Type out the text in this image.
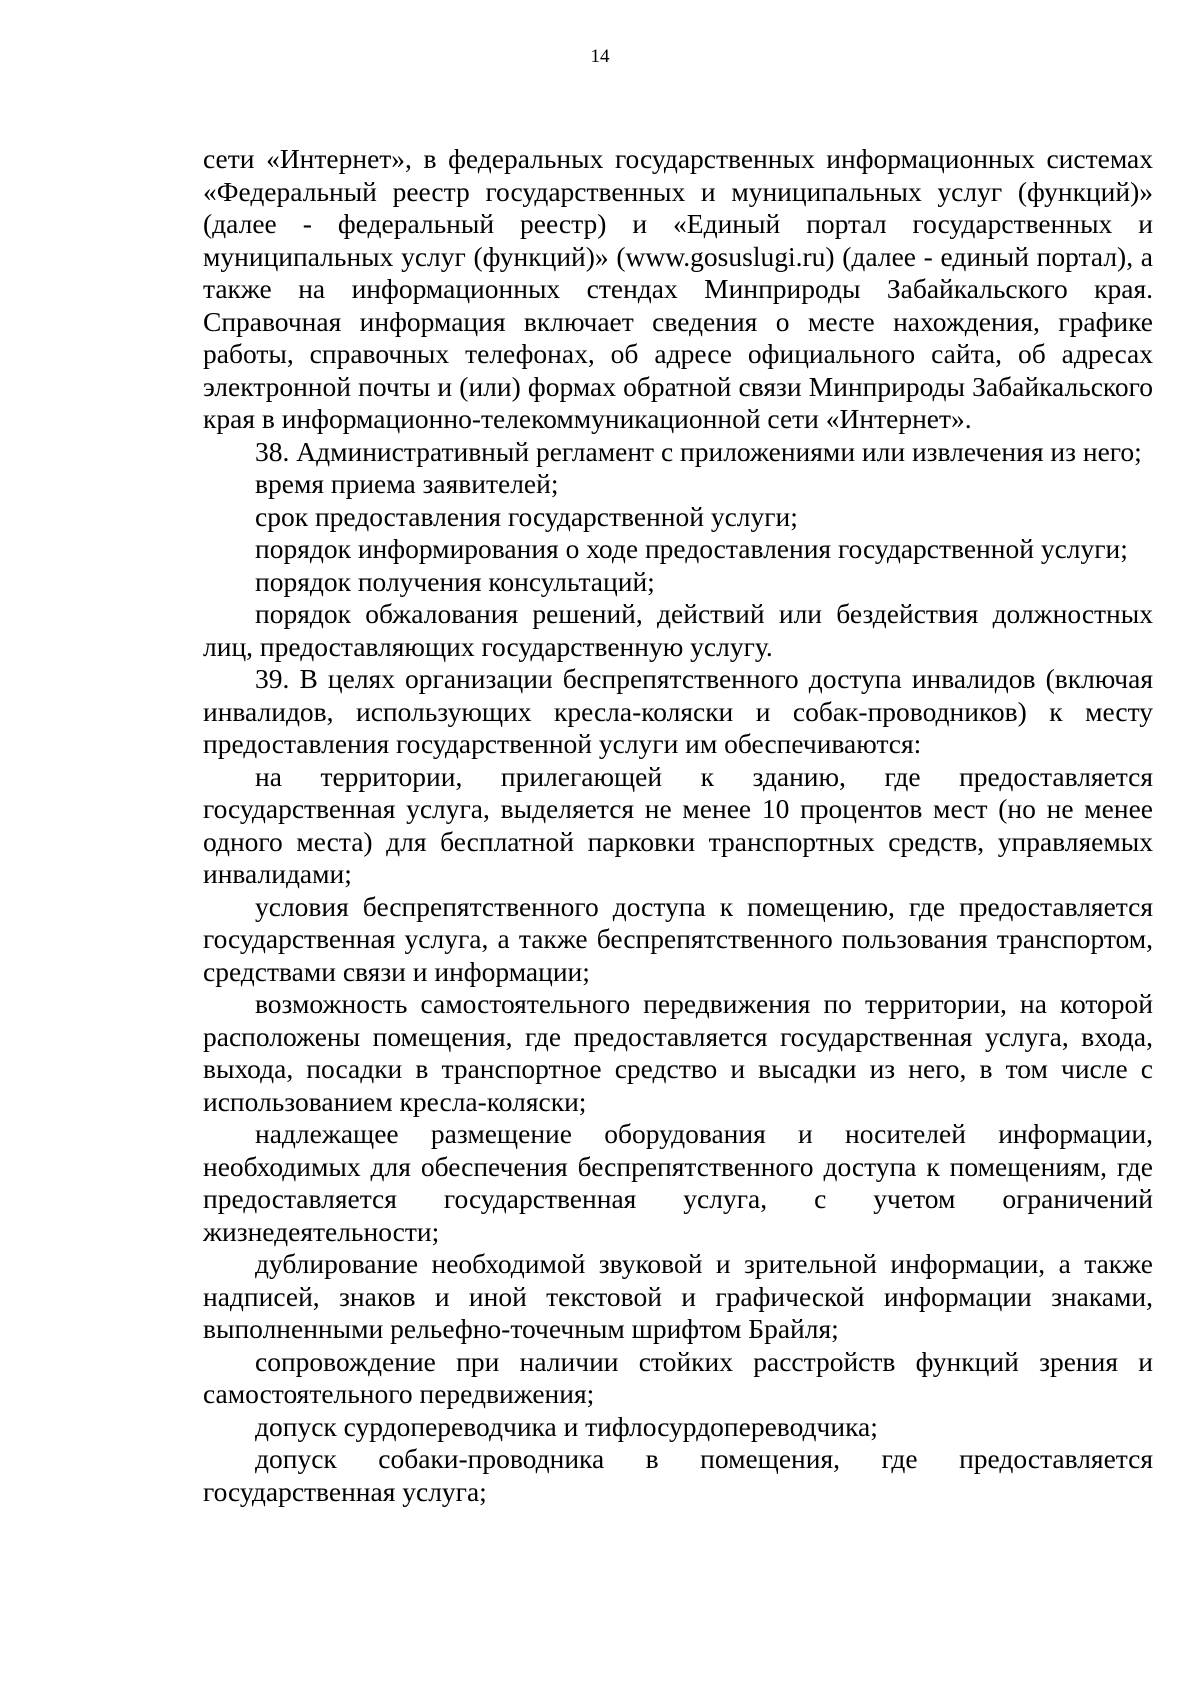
14

сети «Интернет», в федеральных государственных информационных системах «Федеральный реестр государственных и муниципальных услуг (функций)» (далее - федеральный реестр) и «Единый портал государственных и муниципальных услуг (функций)» (www.gosuslugi.ru) (далее - единый портал), а также на информационных стендах Минприроды Забайкальского края. Справочная информация включает сведения о месте нахождения, графике работы, справочных телефонах, об адресе официального сайта, об адресах электронной почты и (или) формах обратной связи Минприроды Забайкальского края в информационно-телекоммуникационной сети «Интернет».

38. Административный регламент с приложениями или извлечения из него;

время приема заявителей;

срок предоставления государственной услуги;

порядок информирования о ходе предоставления государственной услуги;

порядок получения консультаций;

порядок обжалования решений, действий или бездействия должностных лиц, предоставляющих государственную услугу.

39. В целях организации беспрепятственного доступа инвалидов (включая инвалидов, использующих кресла-коляски и собак-проводников) к месту предоставления государственной услуги им обеспечиваются:

на территории, прилегающей к зданию, где предоставляется государственная услуга, выделяется не менее 10 процентов мест (но не менее одного места) для бесплатной парковки транспортных средств, управляемых инвалидами;

условия беспрепятственного доступа к помещению, где предоставляется государственная услуга, а также беспрепятственного пользования транспортом, средствами связи и информации;

возможность самостоятельного передвижения по территории, на которой расположены помещения, где предоставляется государственная услуга, входа, выхода, посадки в транспортное средство и высадки из него, в том числе с использованием кресла-коляски;

надлежащее размещение оборудования и носителей информации, необходимых для обеспечения беспрепятственного доступа к помещениям, где предоставляется государственная услуга, с учетом ограничений жизнедеятельности;

дублирование необходимой звуковой и зрительной информации, а также надписей, знаков и иной текстовой и графической информации знаками, выполненными рельефно-точечным шрифтом Брайля;

сопровождение при наличии стойких расстройств функций зрения и самостоятельного передвижения;

допуск сурдопереводчика и тифлосурдопереводчика;

допуск собаки-проводника в помещения, где предоставляется государственная услуга;
